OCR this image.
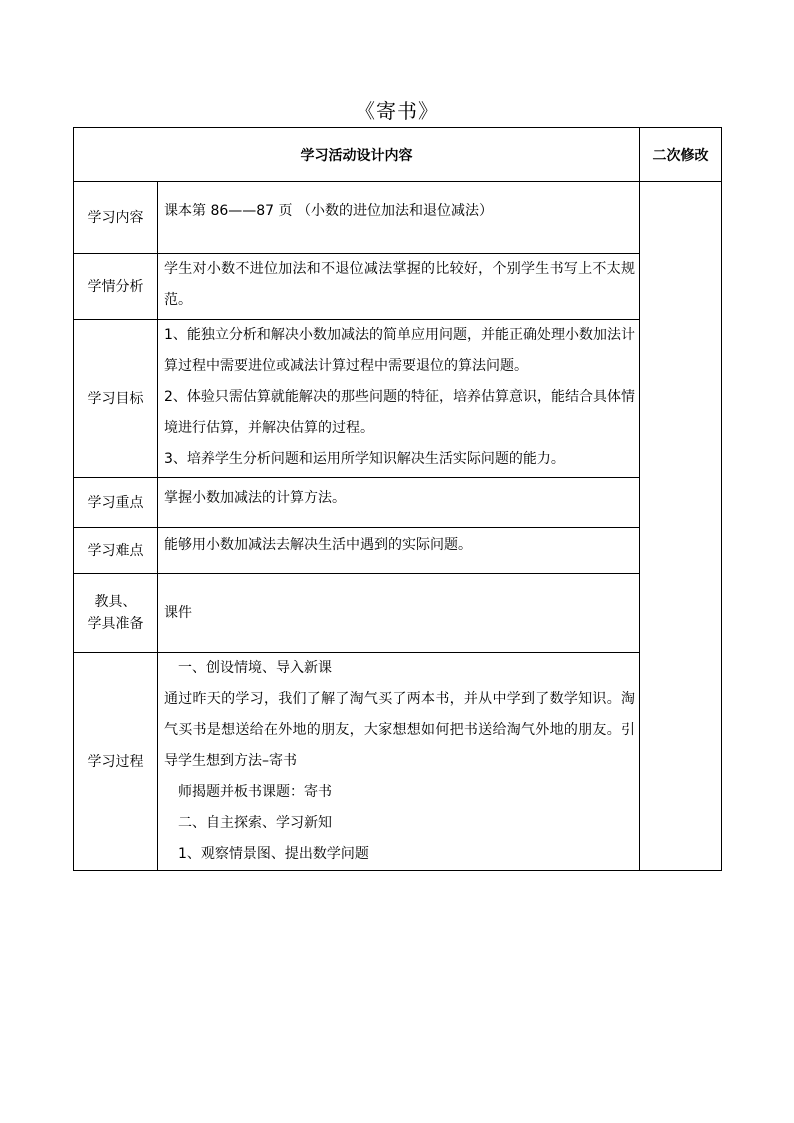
《寄书》
学习活动设计内容		二次修改
学习内容	课本第 86——87 页 （小数的进位加法和退位减法）	
学情分析	学生对小数不进位加法和不退位减法掌握的比较好，个别学生书写上不太规范。	
学习目标	1、能独立分析和解决小数加减法的简单应用问题，并能正确处理小数加法计算过程中需要进位或减法计算过程中需要退位的算法问题。

2、体验只需估算就能解决的那些问题的特征，培养估算意识，能结合具体情境进行估算，并解决估算的过程。

3、培养学生分析问题和运用所学知识解决生活实际问题的能力。	

学习重点	掌握小数加减法的计算方法。	
学习难点	能够用小数加减法去解决生活中遇到的实际问题。	

教具、
学具准备	课件	
学习过程	一、创设情境、导入新课

通过昨天的学习，我们了解了淘气买了两本书，并从中学到了数学知识。淘气买书是想送给在外地的朋友，大家想想如何把书送给淘气外地的朋友。引导学生想到方法–寄书

师揭题并板书课题：寄书

二、自主探索、学习新知

1、观察情景图、提出数学问题	
